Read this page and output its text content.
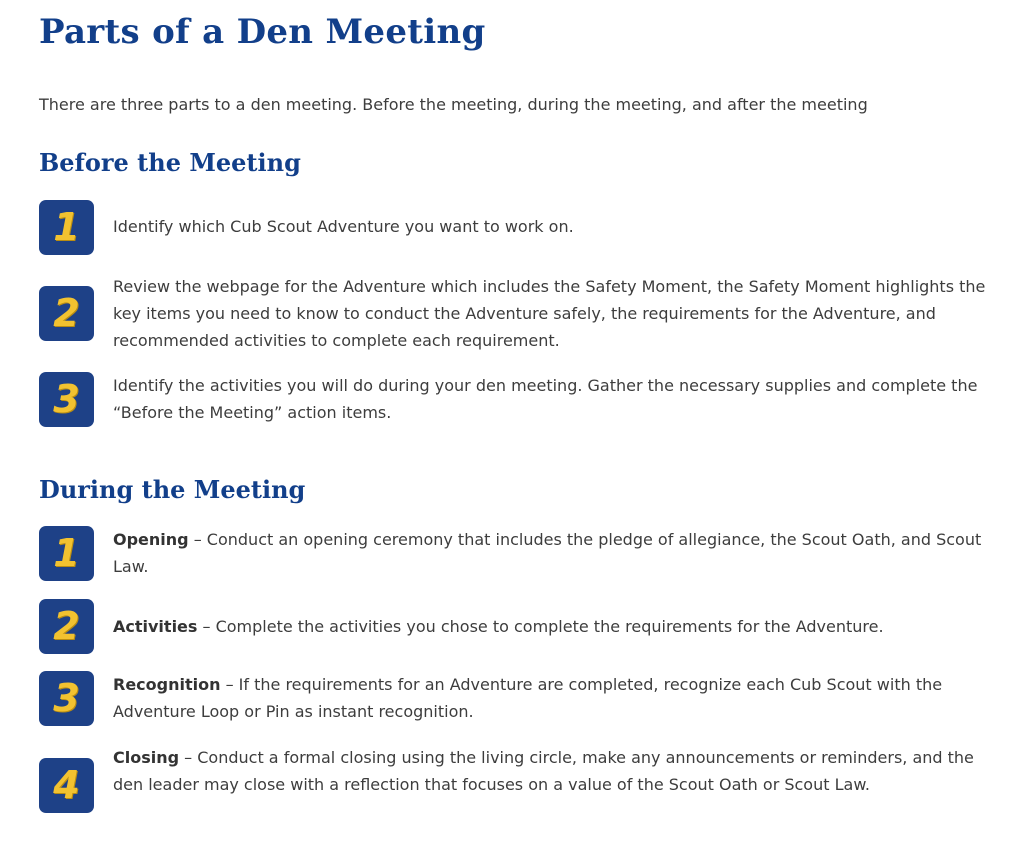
Parts of a Den Meeting

There are three parts to a den meeting. Before the meeting, during the meeting, and after the meeting

Before the Meeting
1	Identify which Cub Scout Adventure you want to work on.

2

Review the webpage for the Adventure which includes the Safety Moment, the Safety Moment highlights the key items you need to know to conduct the Adventure safely, the requirements for the Adventure, and recommended activities to complete each requirement.

3	Identify the activities you will do during your den meeting. Gather the necessary supplies and complete the “Before the Meeting” action items.

During the Meeting
1	Opening – Conduct an opening ceremony that includes the pledge of allegiance, the Scout Oath, and Scout Law.

2	Activities – Complete the activities you chose to complete the requirements for the Adventure.

3	Recognition – If the requirements for an Adventure are completed, recognize each Cub Scout with the Adventure Loop or Pin as instant recognition.

4

Closing – Conduct a formal closing using the living circle, make any announcements or reminders, and the den leader may close with a reflection that focuses on a value of the Scout Oath or Scout Law.
